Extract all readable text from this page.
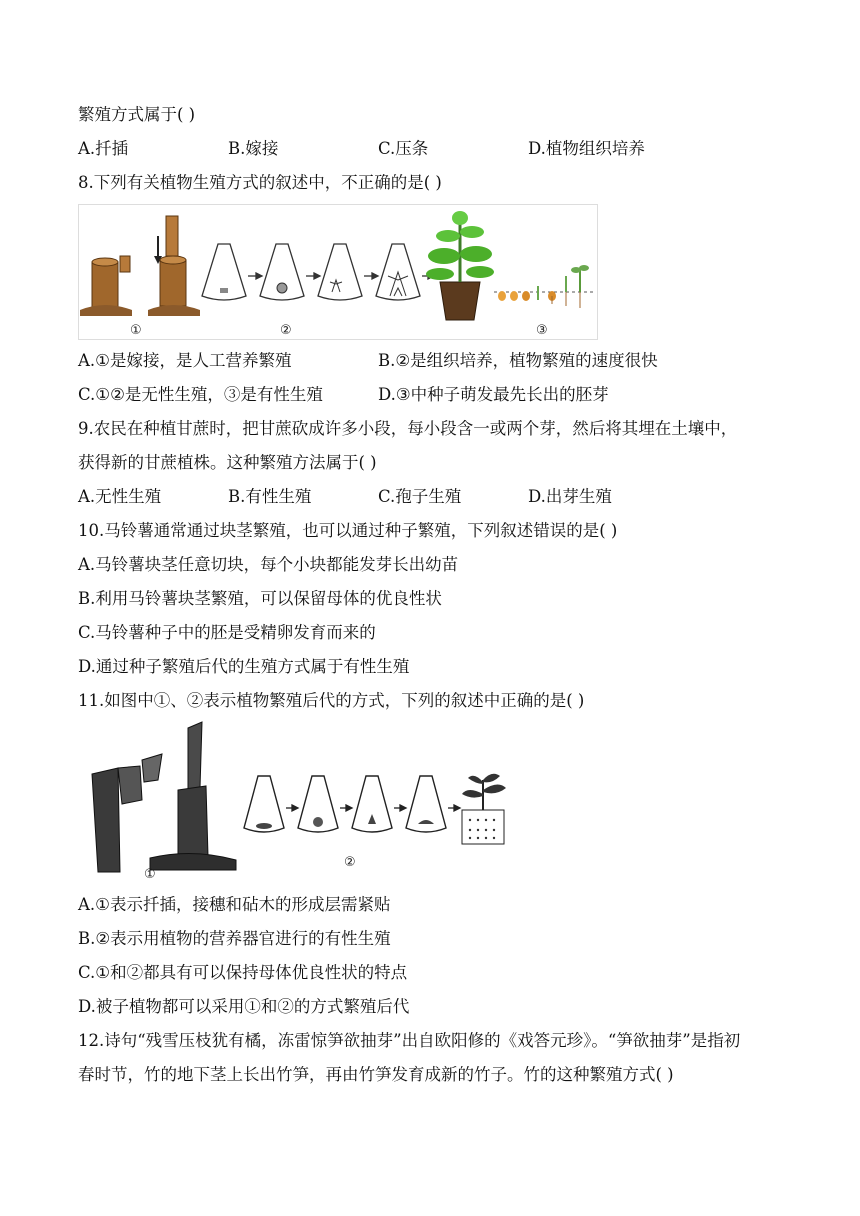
繁殖方式属于( )

A.扦插	B.嫁接	C.压条	D.植物组织培养

8.下列有关植物生殖方式的叙述中，不正确的是( )

①	②	③
A.①是嫁接，是人工营养繁殖	B.②是组织培养，植物繁殖的速度很快
C.①②是无性生殖，③是有性生殖	D.③中种子萌发最先长出的胚芽

9.农民在种植甘蔗时，把甘蔗砍成许多小段，每小段含一或两个芽，然后将其埋在土壤中，

获得新的甘蔗植株。这种繁殖方法属于( )

A.无性生殖	B.有性生殖	C.孢子生殖	D.出芽生殖

10.马铃薯通常通过块茎繁殖，也可以通过种子繁殖，下列叙述错误的是( )

A.马铃薯块茎任意切块，每个小块都能发芽长出幼苗

B.利用马铃薯块茎繁殖，可以保留母体的优良性状

C.马铃薯种子中的胚是受精卵发育而来的

D.通过种子繁殖后代的生殖方式属于有性生殖

11.如图中①、②表示植物繁殖后代的方式，下列的叙述中正确的是( )

①
②

A.①表示扦插，接穗和砧木的形成层需紧贴

B.②表示用植物的营养器官进行的有性生殖

C.①和②都具有可以保持母体优良性状的特点

D.被子植物都可以采用①和②的方式繁殖后代

12.诗句“残雪压枝犹有橘，冻雷惊笋欲抽芽”出自欧阳修的《戏答元珍》。“笋欲抽芽”是指初

春时节，竹的地下茎上长出竹笋，再由竹笋发育成新的竹子。竹的这种繁殖方式( )
